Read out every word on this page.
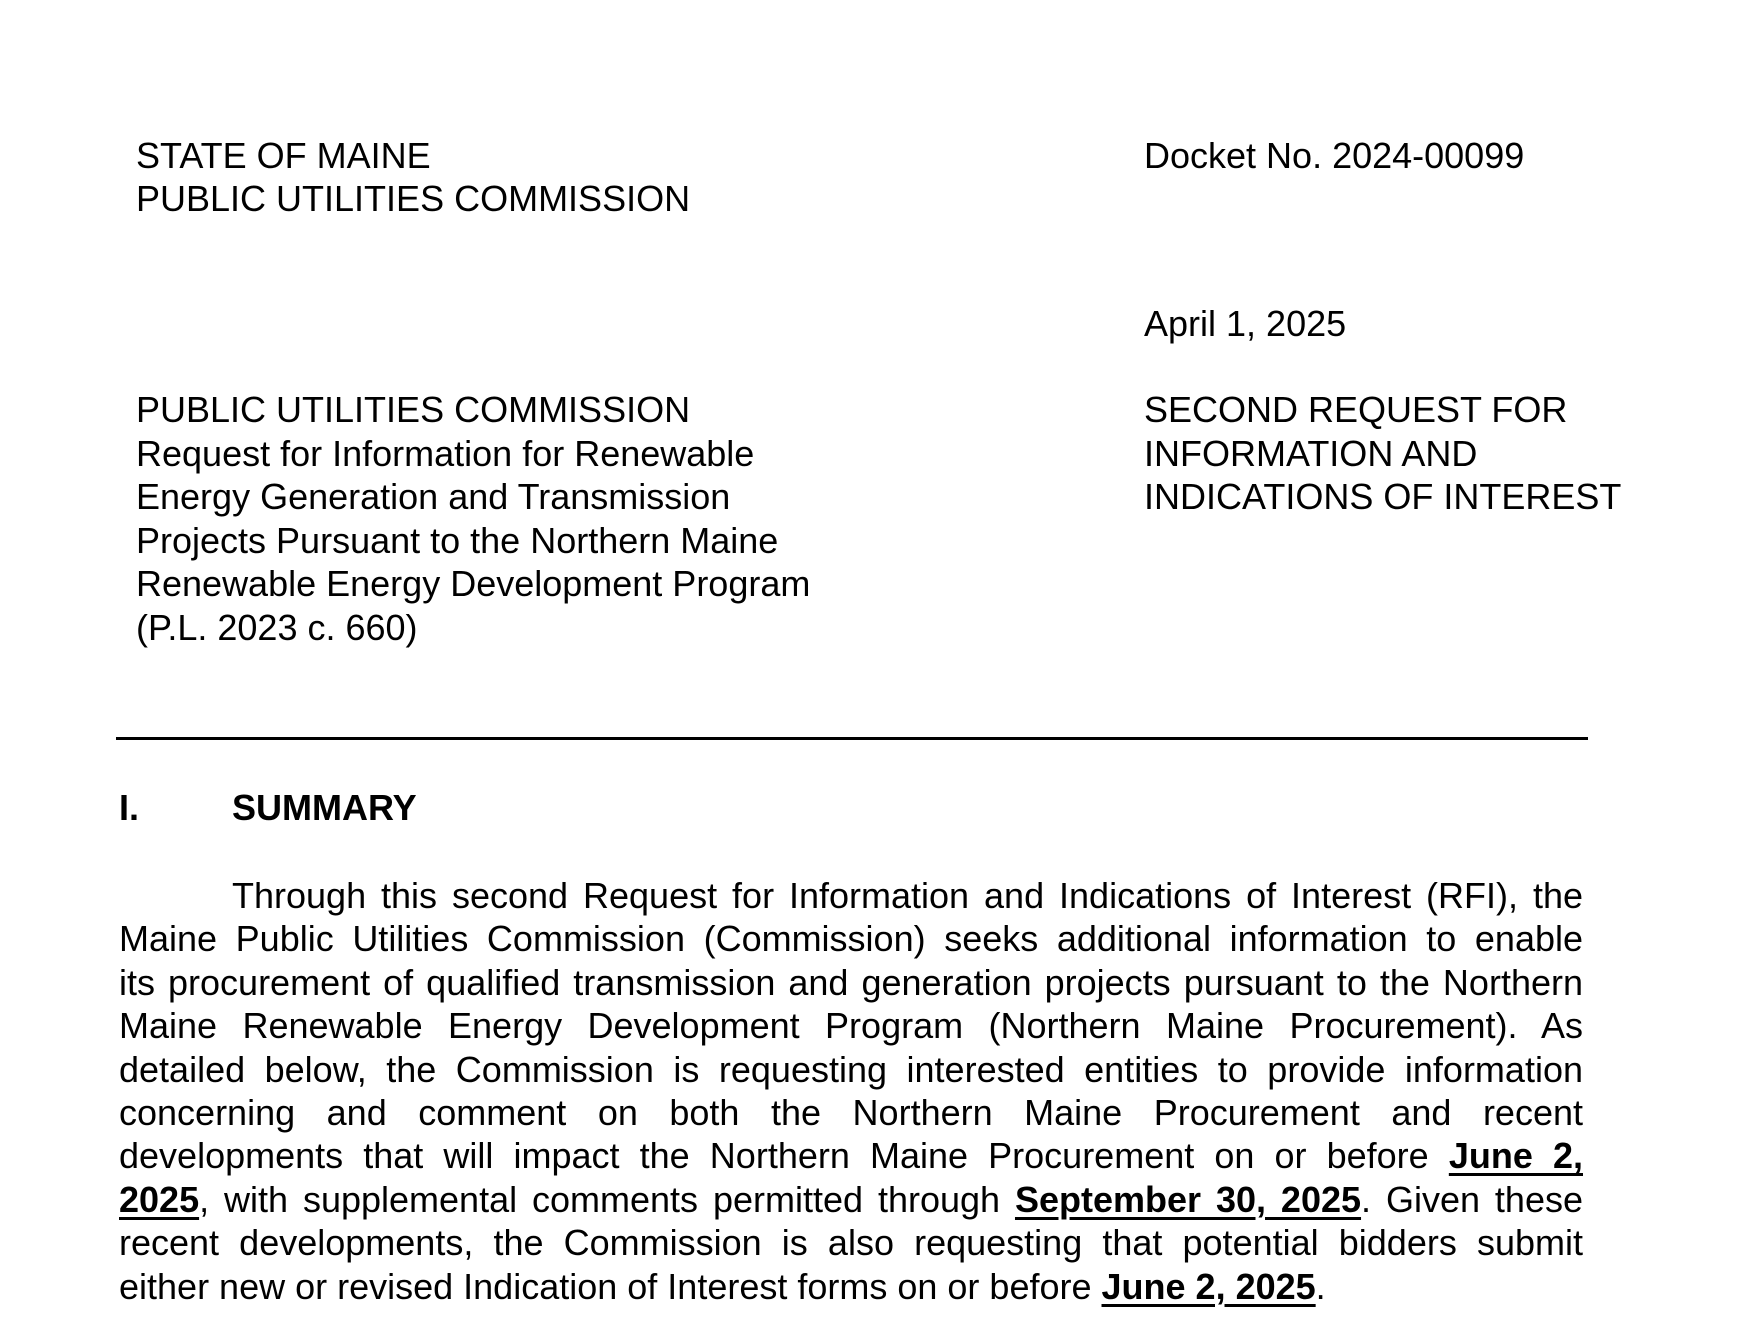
STATE OF MAINE

PUBLIC UTILITIES COMMISSION

Docket No. 2024-00099

April 1, 2025

PUBLIC UTILITIES COMMISSION
Request for Information for Renewable
Energy Generation and Transmission
Projects Pursuant to the Northern Maine
Renewable Energy Development Program
(P.L. 2023 c. 660)
SECOND REQUEST FOR
INFORMATION AND
INDICATIONS OF INTEREST

I.	SUMMARY

Through this second Request for Information and Indications of Interest (RFI), the
Maine Public Utilities Commission (Commission) seeks additional information to enable
its procurement of qualified transmission and generation projects pursuant to the Northern
Maine Renewable Energy Development Program (Northern Maine Procurement). As
detailed below, the Commission is requesting interested entities to provide information
concerning and comment on both the Northern Maine Procurement and recent
developments that will impact the Northern Maine Procurement on or before June 2,
2025, with supplemental comments permitted through September 30, 2025. Given these
recent developments, the Commission is also requesting that potential bidders submit
either new or revised Indication of Interest forms on or before June 2, 2025.
